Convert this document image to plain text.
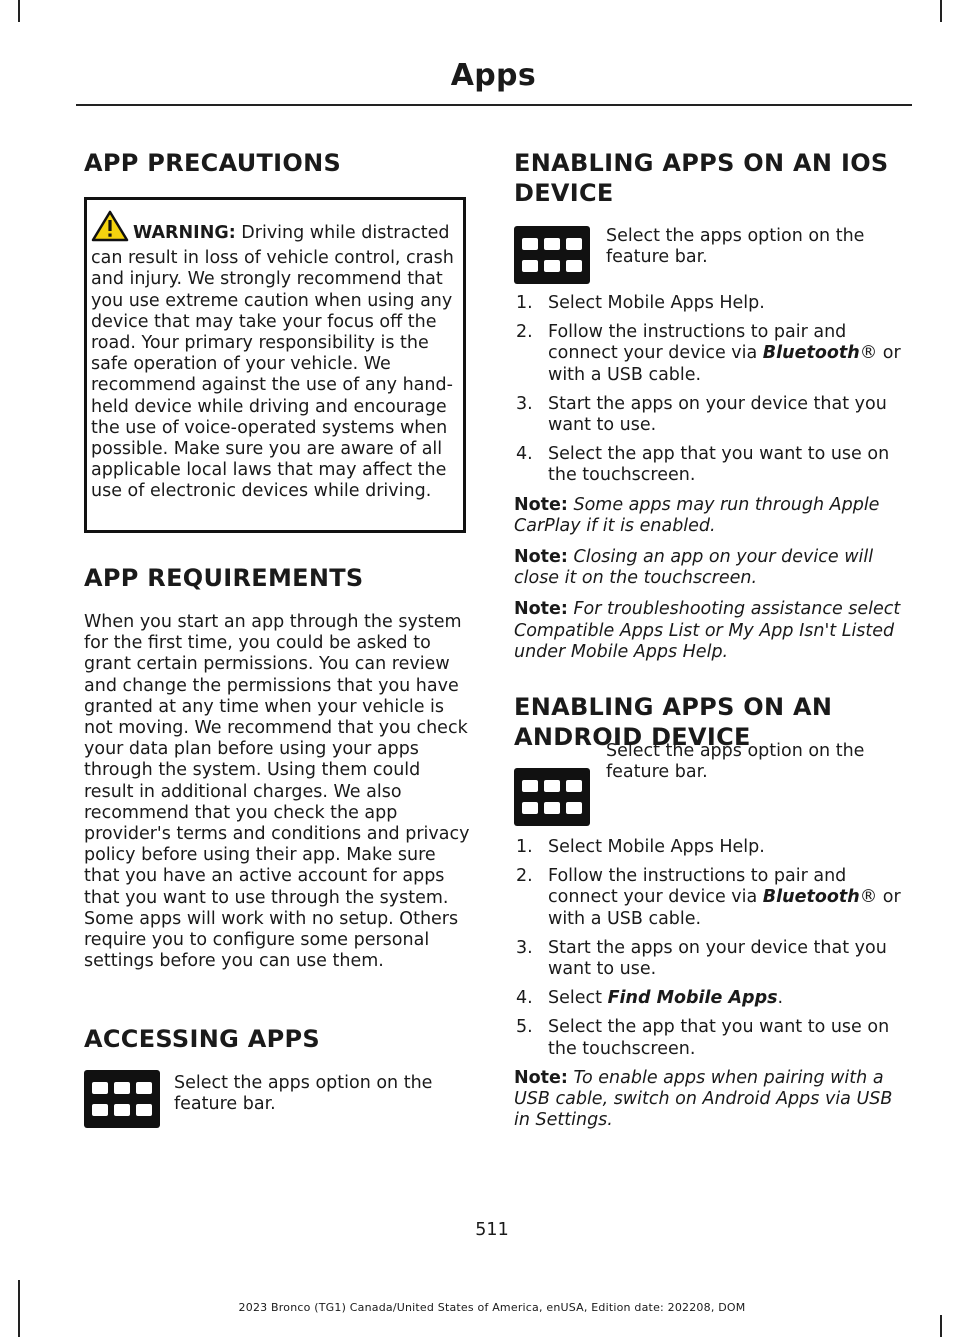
Apps
APP PRECAUTIONS
WARNING: Driving while distracted can result in loss of vehicle control, crash and injury. We strongly recommend that you use extreme caution when using any device that may take your focus off the road. Your primary responsibility is the safe operation of your vehicle. We recommend against the use of any hand-held device while driving and encourage the use of voice-operated systems when possible. Make sure you are aware of all applicable local laws that may affect the use of electronic devices while driving.
APP REQUIREMENTS

When you start an app through the system for the first time, you could be asked to grant certain permissions. You can review and change the permissions that you have granted at any time when your vehicle is not moving. We recommend that you check your data plan before using your apps through the system. Using them could result in additional charges. We also recommend that you check the app provider's terms and conditions and privacy policy before using their app. Make sure that you have an active account for apps that you want to use through the system. Some apps will work with no setup. Others require you to configure some personal settings before you can use them.

ACCESSING APPS
Select the apps option on the feature bar.
ENABLING APPS ON AN IOS
DEVICE
Select the apps option on the feature bar.
1. Select Mobile Apps Help.
2. Follow the instructions to pair and connect your device via Bluetooth® or with a USB cable.
3. Start the apps on your device that you want to use.
4. Select the app that you want to use on the touchscreen.

Note: Some apps may run through Apple CarPlay if it is enabled.

Note: Closing an app on your device will close it on the touchscreen.

Note: For troubleshooting assistance select Compatible Apps List or My App Isn't Listed under Mobile Apps Help.

ENABLING APPS ON AN
ANDROID DEVICE
Select the apps option on the feature bar.
1. Select Mobile Apps Help.
2. Follow the instructions to pair and connect your device via Bluetooth® or with a USB cable.
3. Start the apps on your device that you want to use.
4. Select Find Mobile Apps.
5. Select the app that you want to use on the touchscreen.

Note: To enable apps when pairing with a USB cable, switch on Android Apps via USB in Settings.

511
2023 Bronco (TG1) Canada/United States of America, enUSA, Edition date: 202208, DOM
